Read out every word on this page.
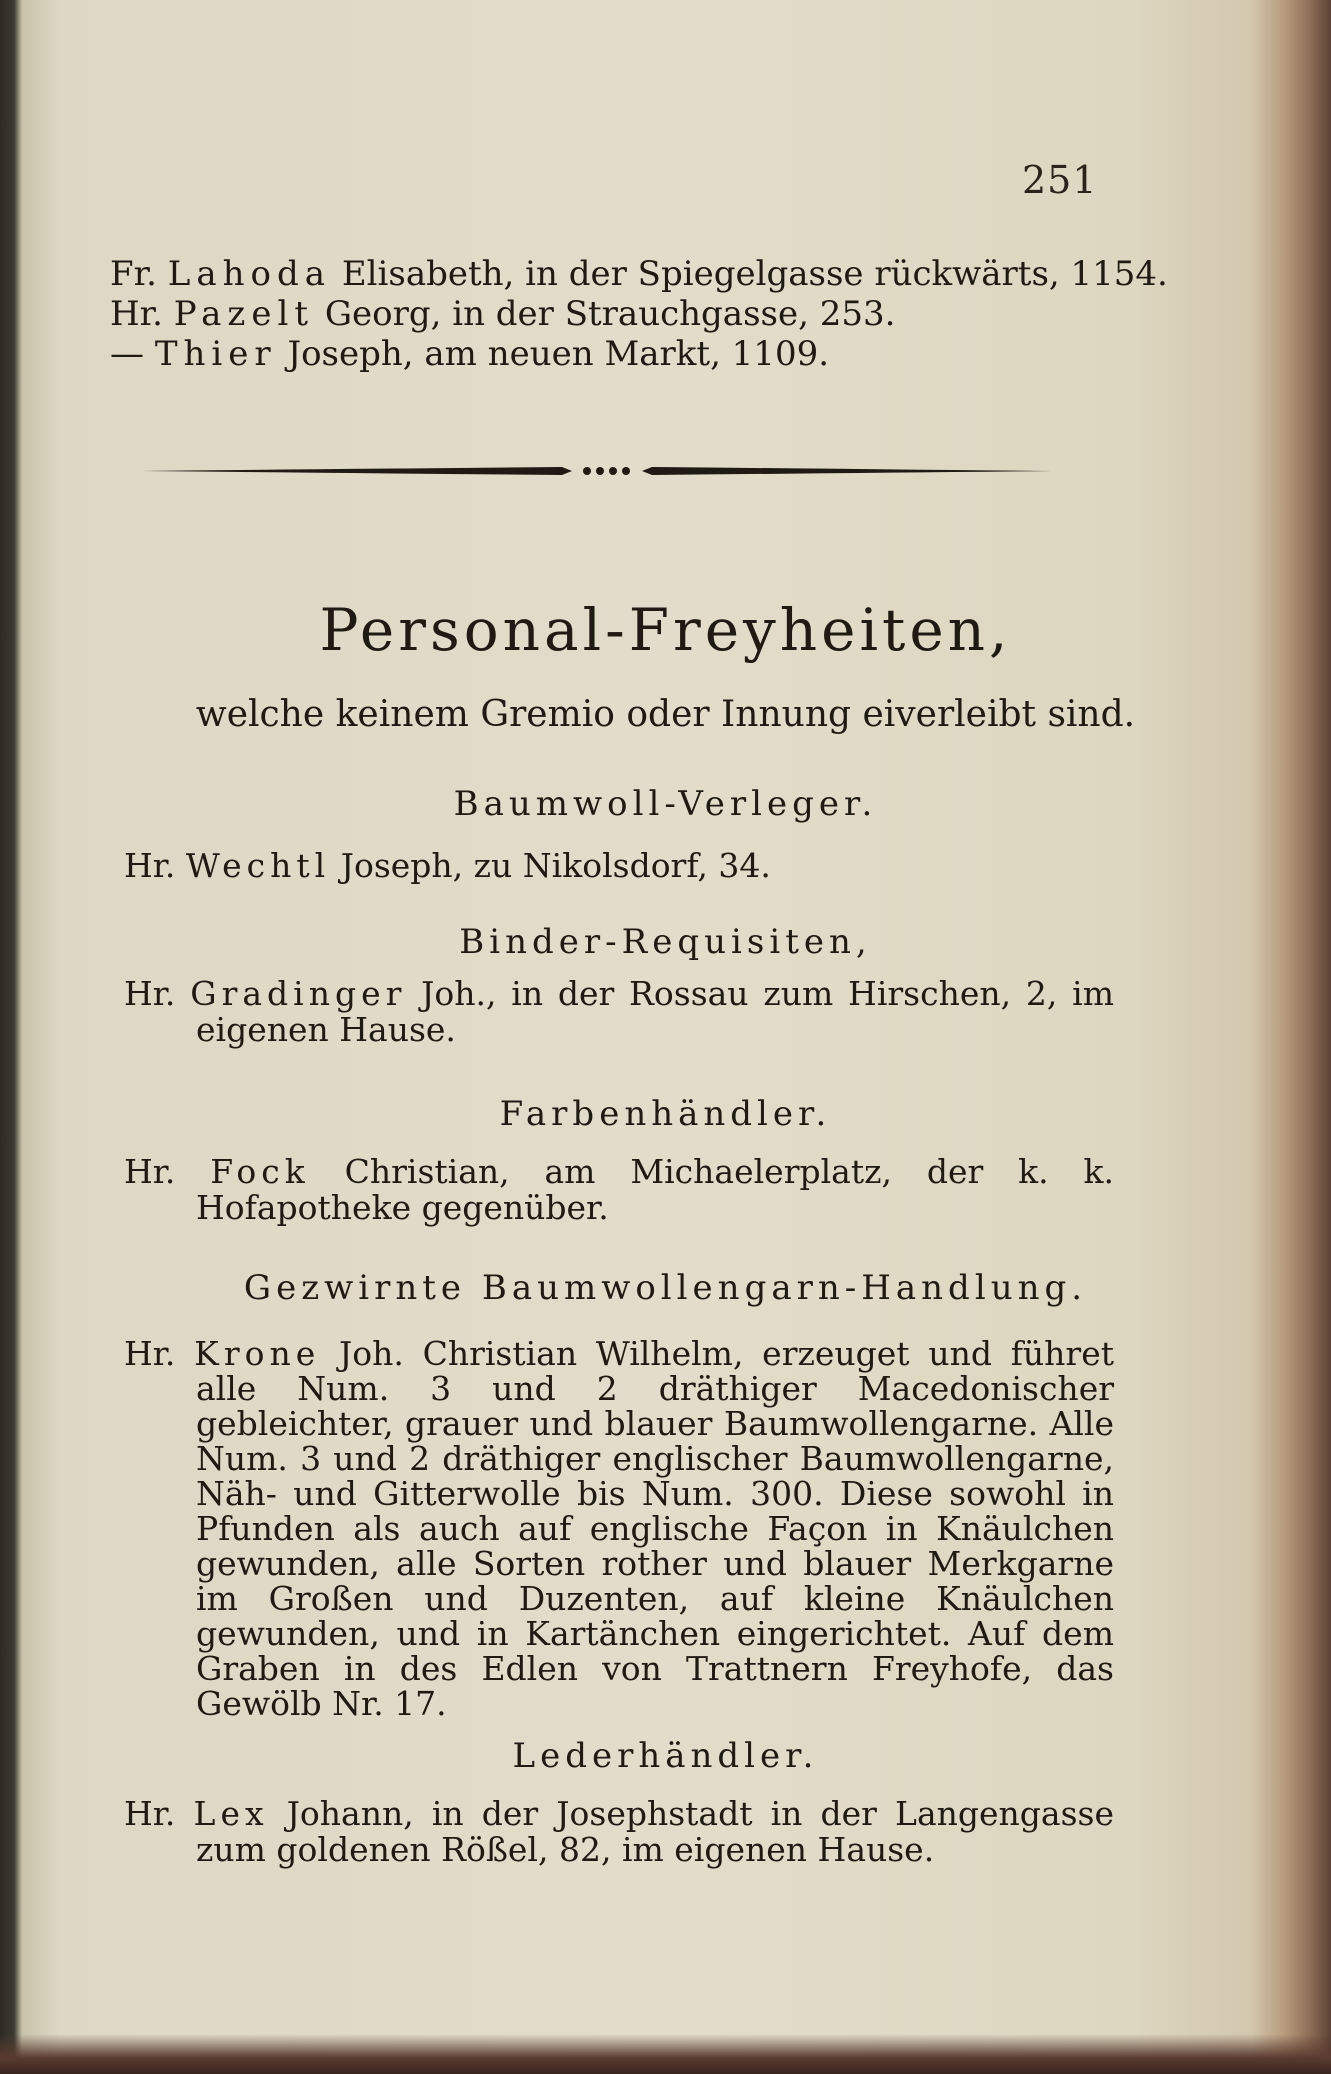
251
Fr. Lahoda Elisabeth, in der Spiegelgasse rückwärts, 1154.
Hr. Pazelt Georg, in der Strauchgasse, 253.
— Thier Joseph, am neuen Markt, 1109.
Personal-Freyheiten,
welche keinem Gremio oder Innung eiverleibt sind.
Baumwoll-Verleger.
Hr. Wechtl Joseph, zu Nikolsdorf, 34.
Binder-Requisiten,
Hr. Gradinger Joh., in der Rossau zum Hirschen, 2, im eigenen Hause.
Farbenhändler.
Hr. Fock Christian, am Michaelerplatz, der k. k. Hofapotheke gegenüber.
Gezwirnte Baumwollengarn-Handlung.
Hr. Krone Joh. Christian Wilhelm, erzeuget und führet alle Num. 3 und 2 dräthiger Macedonischer gebleichter, grauer und blauer Baumwollengarne. Alle Num. 3 und 2 dräthiger englischer Baumwollengarne, Näh- und Gitterwolle bis Num. 300. Diese sowohl in Pfunden als auch auf englische Façon in Knäulchen gewunden, alle Sorten rother und blauer Merkgarne im Großen und Duzenten, auf kleine Knäulchen gewunden, und in Kartänchen eingerichtet. Auf dem Graben in des Edlen von Trattnern Freyhofe, das Gewölb Nr. 17.
Lederhändler.
Hr. Lex Johann, in der Josephstadt in der Langengasse zum goldenen Rößel, 82, im eigenen Hause.
